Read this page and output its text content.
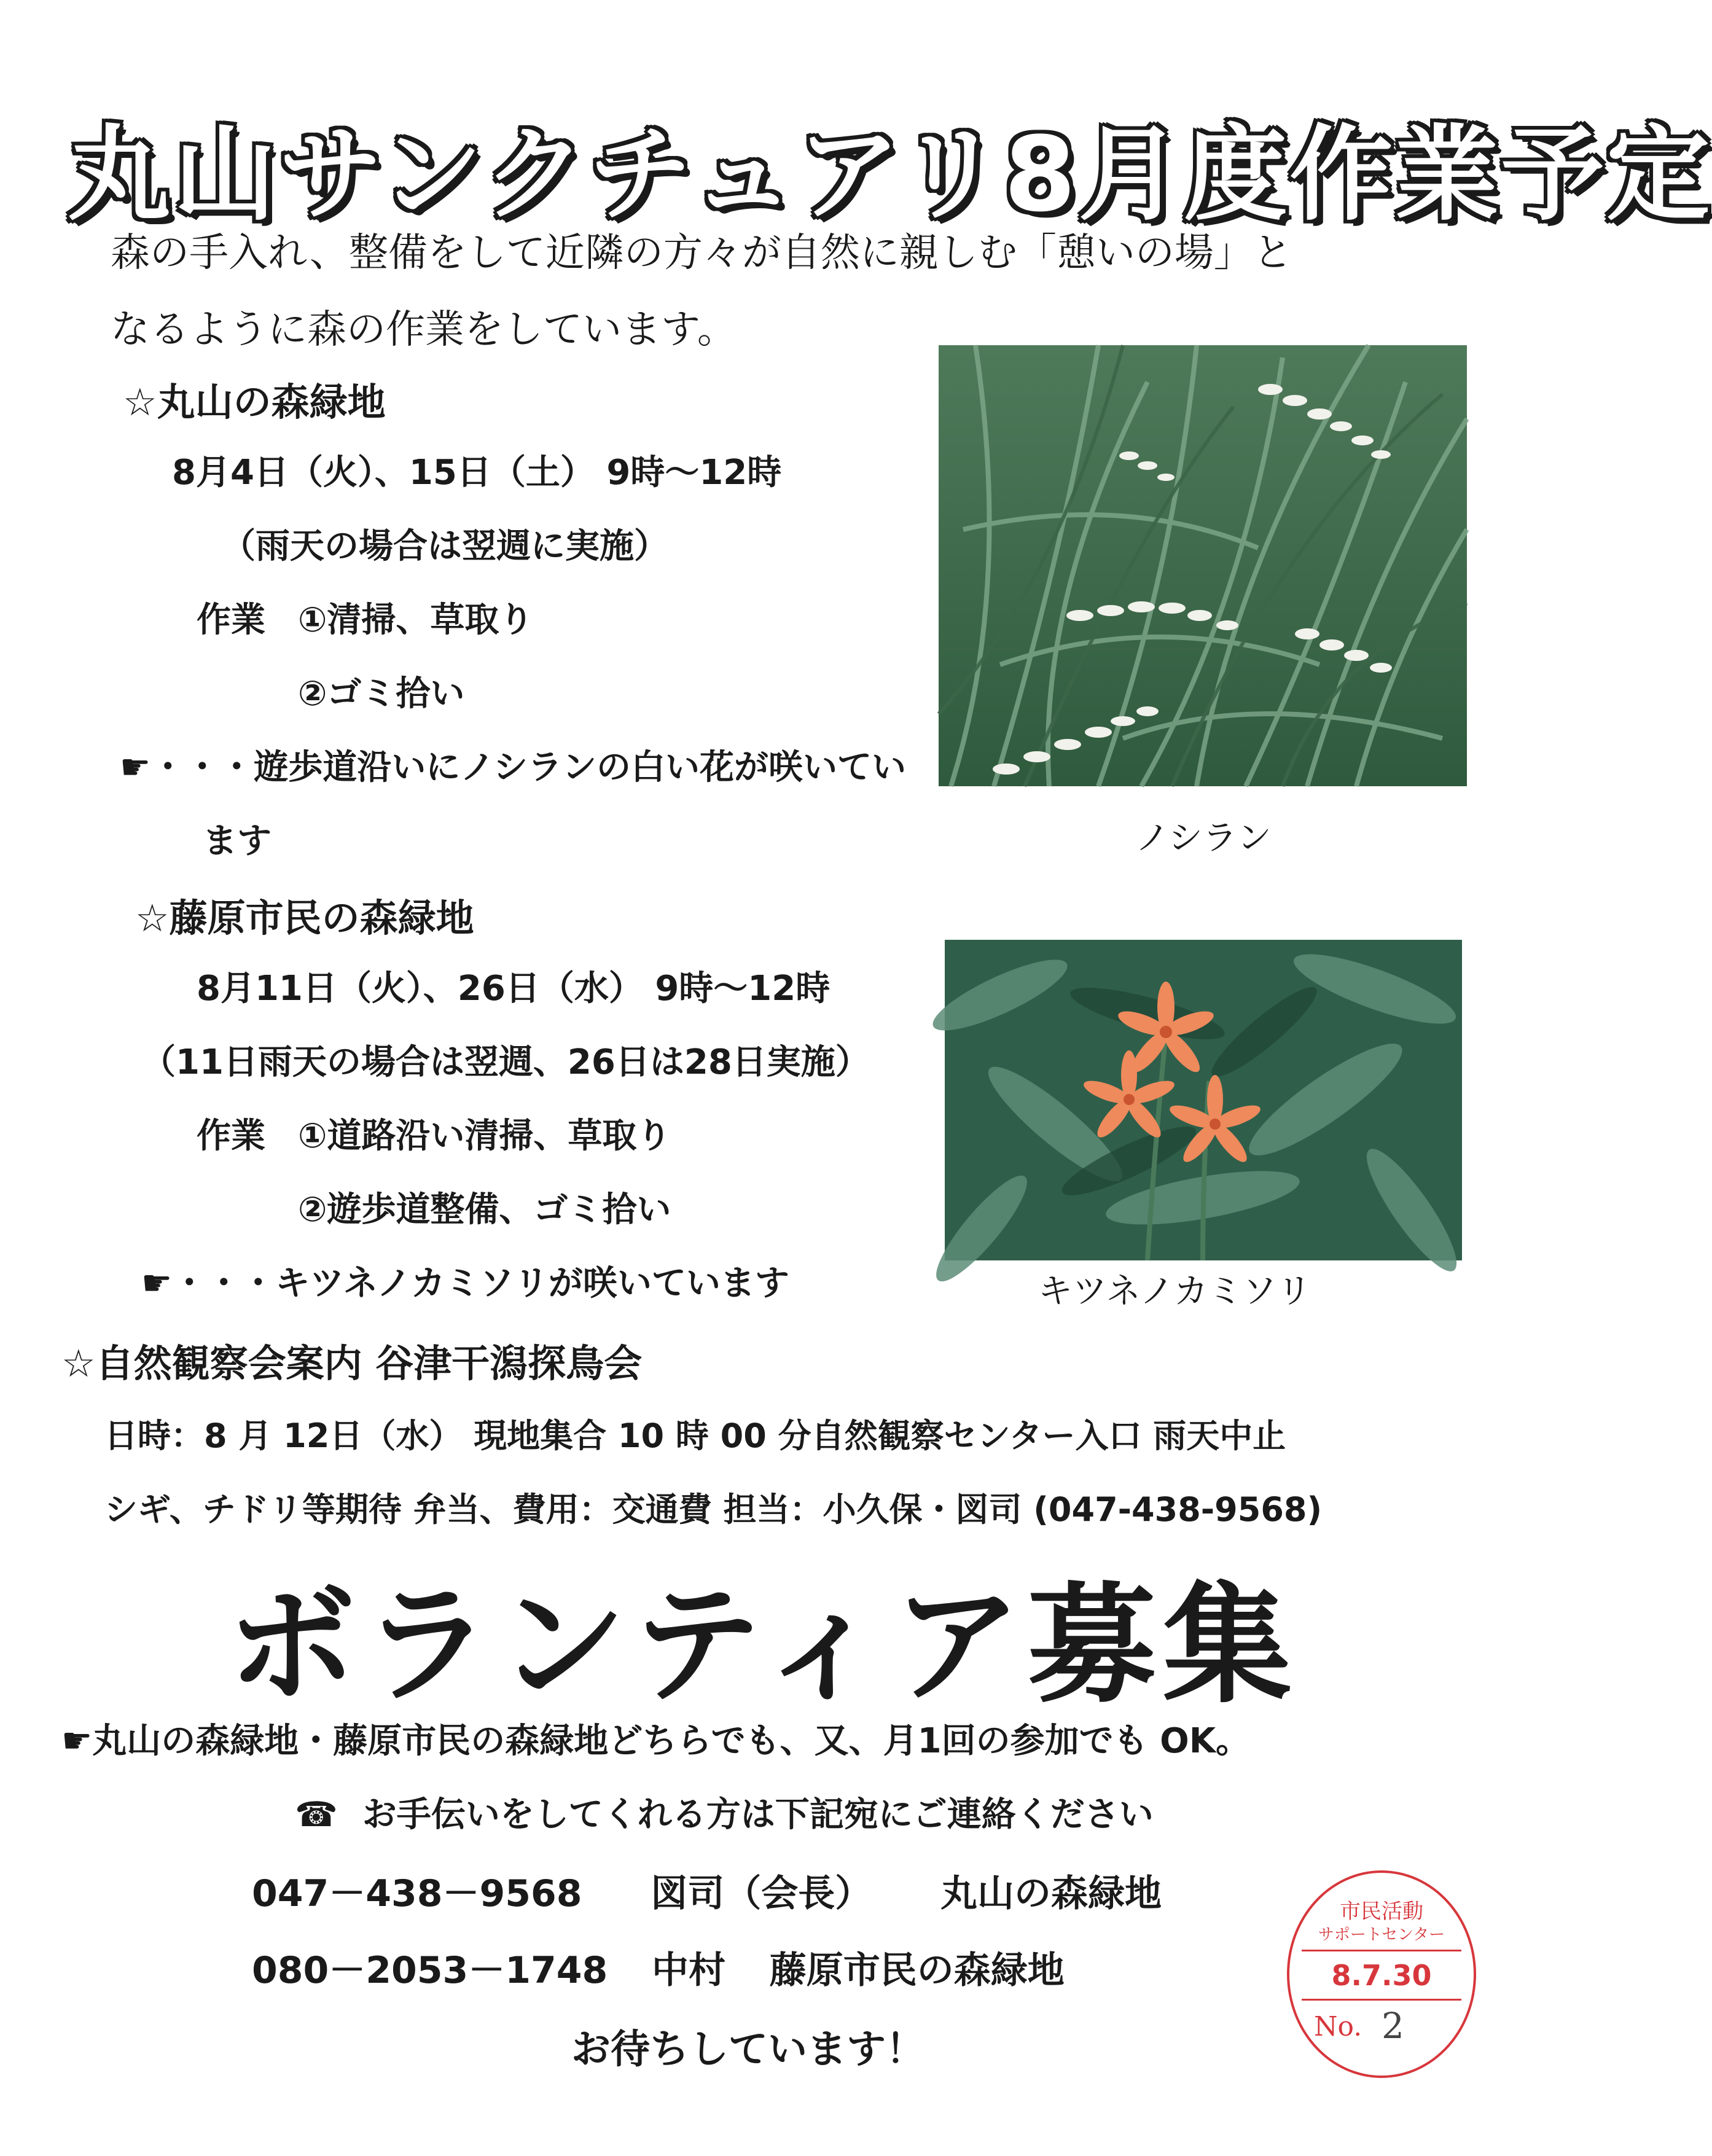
丸山サンクチュアリ8月度作業予定
森の手入れ、整備をして近隣の方々が自然に親しむ「憩いの場」と
なるように森の作業をしています。
☆丸山の森緑地
8月4日（火）、15日（土） 9時〜12時
（雨天の場合は翌週に実施）
作業 ①清掃、草取り
②ゴミ拾い
☛・・・遊歩道沿いにノシランの白い花が咲いてい
ます	ノシラン
☆藤原市民の森緑地
8月11日（火）、26日（水） 9時〜12時
（11日雨天の場合は翌週、26日は28日実施）
作業 ①道路沿い清掃、草取り
②遊歩道整備、ゴミ拾い
☛・・・キツネノカミソリが咲いています	キツネノカミソリ
☆自然観察会案内 谷津干潟探鳥会
日時：8 月 12日（水） 現地集合 10 時 00 分自然観察センター入口 雨天中止
シギ、チドリ等期待 弁当、費用：交通費 担当：小久保・図司 (047-438-9568)
ボランティア募集
☛丸山の森緑地・藤原市民の森緑地どちらでも、又、月1回の参加でも OK。
☎ お手伝いをしてくれる方は下記宛にご連絡ください
047－438－9568 図司（会長） 丸山の森緑地
080－2053－1748 中村 藤原市民の森緑地
お待ちしています！
市民活動
サポートセンター
8.7.30
No. 2
